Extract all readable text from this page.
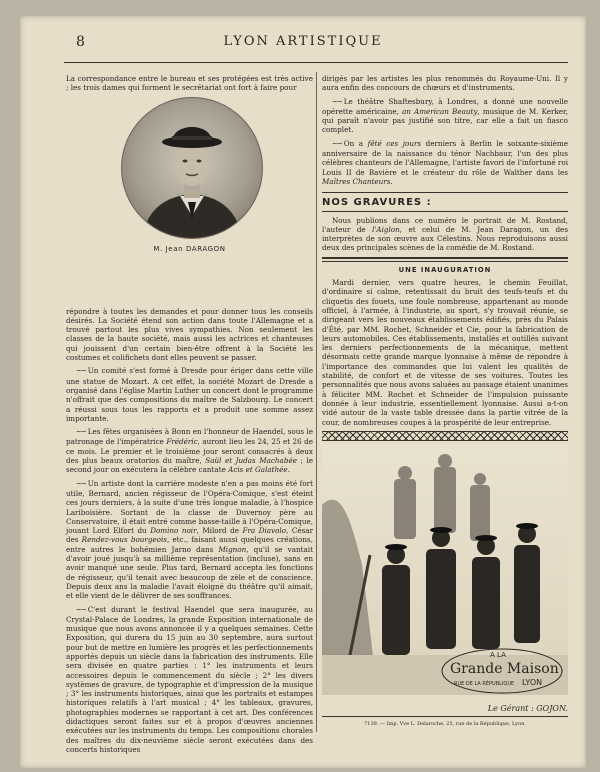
8	LYON ARTISTIQUE

La correspondance entre le bureau et ses protégées est très active ; les trois dames qui forment le secrétariat ont fort à faire pour

M. Jean DARAGON

répondre à toutes les demandes et pour donner tous les conseils désirés. La Société étend son action dans toute l'Allemagne et a trouvé partout les plus vives sympathies. Non seulement les classes de la haute société, mais aussi les actrices et chanteuses qui jouissent d'un certain bien-être offrent à la Société les costumes et colifichets dont elles peuvent se passer.

~~ Un comité s'est formé à Dresde pour ériger dans cette ville une statue de Mozart. A cet effet, la société Mozart de Dresde a organisé dans l'église Martin Luther un concert dont le programme n'offrait que des compositions du maître de Salzbourg. Le concert a réussi sous tous les rapports et a produit une somme assez importante.

~~ Les fêtes organisées à Bonn en l'honneur de Haendel, sous le patronage de l'impératrice Frédéric, auront lieu les 24, 25 et 26 de ce mois. Le premier et le troisième jour seront consacrés à deux des plus beaux oratorios du maître, Saül et Judas Machabée ; le second jour on exécutera la célèbre cantate Acis et Galathée.

~~ Un artiste dont la carrière modeste n'en a pas moins été fort utile, Bernard, ancien régisseur de l'Opéra-Comique, s'est éteint ces jours derniers, à la suite d'une très longue maladie, à l'hospice Lariboisière. Sortant de la classe de Duvernoy père au Conservatoire, il était entré comme basse-taille à l'Opéra-Comique, jouant Lord Elfort du Domino noir, Milord de Fra Diavolo, César des Rendez-vous bourgeois, etc., faisant aussi quelques créations, entre autres le bohémien Jarno dans Mignon, qu'il se vantait d'avoir joué jusqu'à sa millième représentation (incluse), sans en avoir manqué une seule. Plus tard, Bernard accepta les fonctions de régisseur, qu'il tenait avec beaucoup de zèle et de conscience. Depuis deux ans la maladie l'avait éloigné du théâtre qu'il aimait, et elle vient de le délivrer de ses souffrances.

~~ C'est durant le festival Haendel que sera inaugurée, au Crystal-Palace de Londres, la grande Exposition internationale de musique que nous avons annoncée il y a quelques semaines. Cette Exposition, qui durera du 15 juin au 30 septembre, aura surtout pour but de mettre en lumière les progrès et les perfectionnements apportés depuis un siècle dans la fabrication des instruments. Elle sera divisée en quatre parties : 1° les instruments et leurs accessoires depuis le commencement du siècle ; 2° les divers systèmes de gravure, de typographie et d'impression de la musique ; 3° les instruments historiques, ainsi que les portraits et estampes historiques relatifs à l'art musical ; 4° les tableaux, gravures, photographies modernes se rapportant à cet art. Des conférences didactiques seront faites sur et à propos d'œuvres anciennes exécutées sur les instruments du temps. Les compositions chorales des maîtres du dix-neuvième siècle seront exécutées dans des concerts historiques

dirigés par les artistes les plus renommés du Royaume-Uni. Il y aura enfin des concours de chœurs et d'instruments.

~~ Le théâtre Shaftesbury, à Londres, a donné une nouvelle opérette américaine, an American Beauty, musique de M. Kerker, qui paraît n'avoir pas justifié son titre, car elle a fait un fiasco complet.

~~ On a fêté ces jours derniers à Berlin le soixante-sixième anniversaire de la naissance du ténor Nachbaur, l'un des plus célèbres chanteurs de l'Allemagne, l'artiste favori de l'infortuné roi Louis II de Bavière et le créateur du rôle de Walther dans les Maîtres Chanteurs.

NOS GRAVURES :

Nous publions dans ce numéro le portrait de M. Rostand, l'auteur de l'Aiglon, et celui de M. Jean Daragon, un des interprètes de son œuvre aux Célestins. Nous reproduisons aussi deux des principales scènes de la comédie de M. Rostand.

UNE INAUGURATION

Mardi dernier, vers quatre heures, le chemin Feuillat, d'ordinaire si calme, retentissait du bruit des teufs-teufs et du cliquetis des fouets, une foule nombreuse, appartenant au monde officiel, à l'armée, à l'industrie, au sport, s'y trouvait réunie, se dirigeant vers les nouveaux établissements édifiés, près du Palais d'Été, par MM. Rochet, Schneider et Cie, pour la fabrication de leurs automobiles. Ces établissements, installés et outillés suivant les derniers perfectionnements de la mécanique, mettent désormais cette grande marque lyonnaise à même de répondre à l'importance des commandes que lui valent les qualités de stabilité, de confort et de vitesse de ses voitures. Toutes les personnalités que nous avons saluées au passage étaient unanimes à féliciter MM. Rochet et Schneider de l'impulsion puissante donnée à leur industrie, essentiellement lyonnaise. Aussi a-t-on vidé autour de la vaste table dressée dans la partie vitrée de la cour, de nombreuses coupes à la prospérité de leur entreprise.

A LA
Grande Maison
RUE DE LA RÉPUBLIQUE LYON
Le Gérant : GOJON.
7139. — Imp. Vve L. Delaroche, 25, rue de la République, Lyon.
